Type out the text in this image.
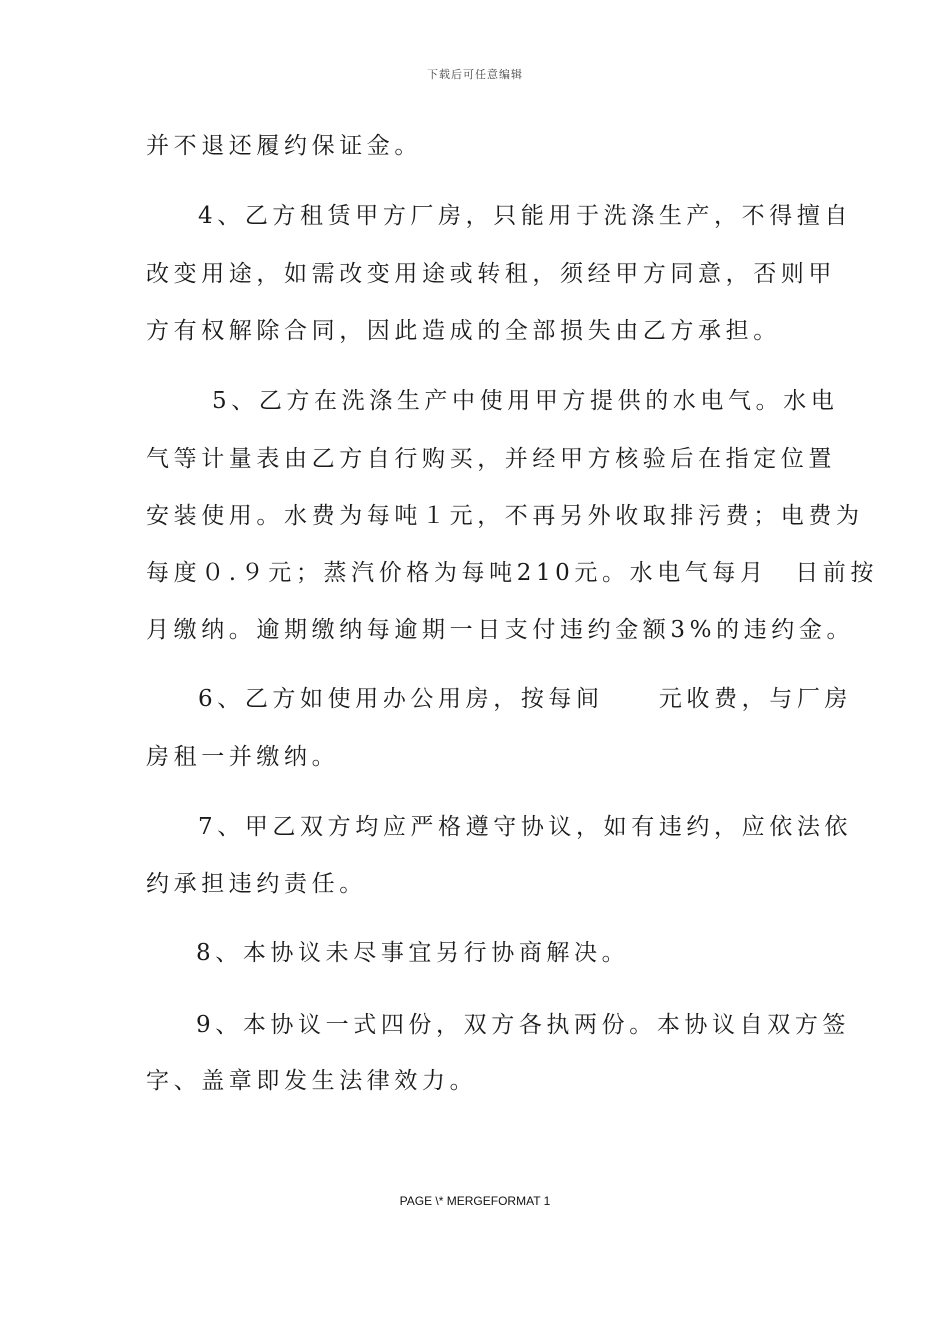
下载后可任意编辑
并不退还履约保证金。
4、乙方租赁甲方厂房，只能用于洗涤生产，不得擅自
改变用途，如需改变用途或转租，须经甲方同意，否则甲
方有权解除合同，因此造成的全部损失由乙方承担。
5、乙方在洗涤生产中使用甲方提供的水电气。水电
气等计量表由乙方自行购买，并经甲方核验后在指定位置
安装使用。水费为每吨１元，不再另外收取排污费；电费为
每度０.９元；蒸汽价格为每吨210元。水电气每月　日前按
月缴纳。逾期缴纳每逾期一日支付违约金额3%的违约金。
6、乙方如使用办公用房，按每间　　元收费，与厂房
房租一并缴纳。
7、甲乙双方均应严格遵守协议，如有违约，应依法依
约承担违约责任。
8、本协议未尽事宜另行协商解决。
9、本协议一式四份，双方各执两份。本协议自双方签
字、盖章即发生法律效力。
PAGE \* MERGEFORMAT 1
